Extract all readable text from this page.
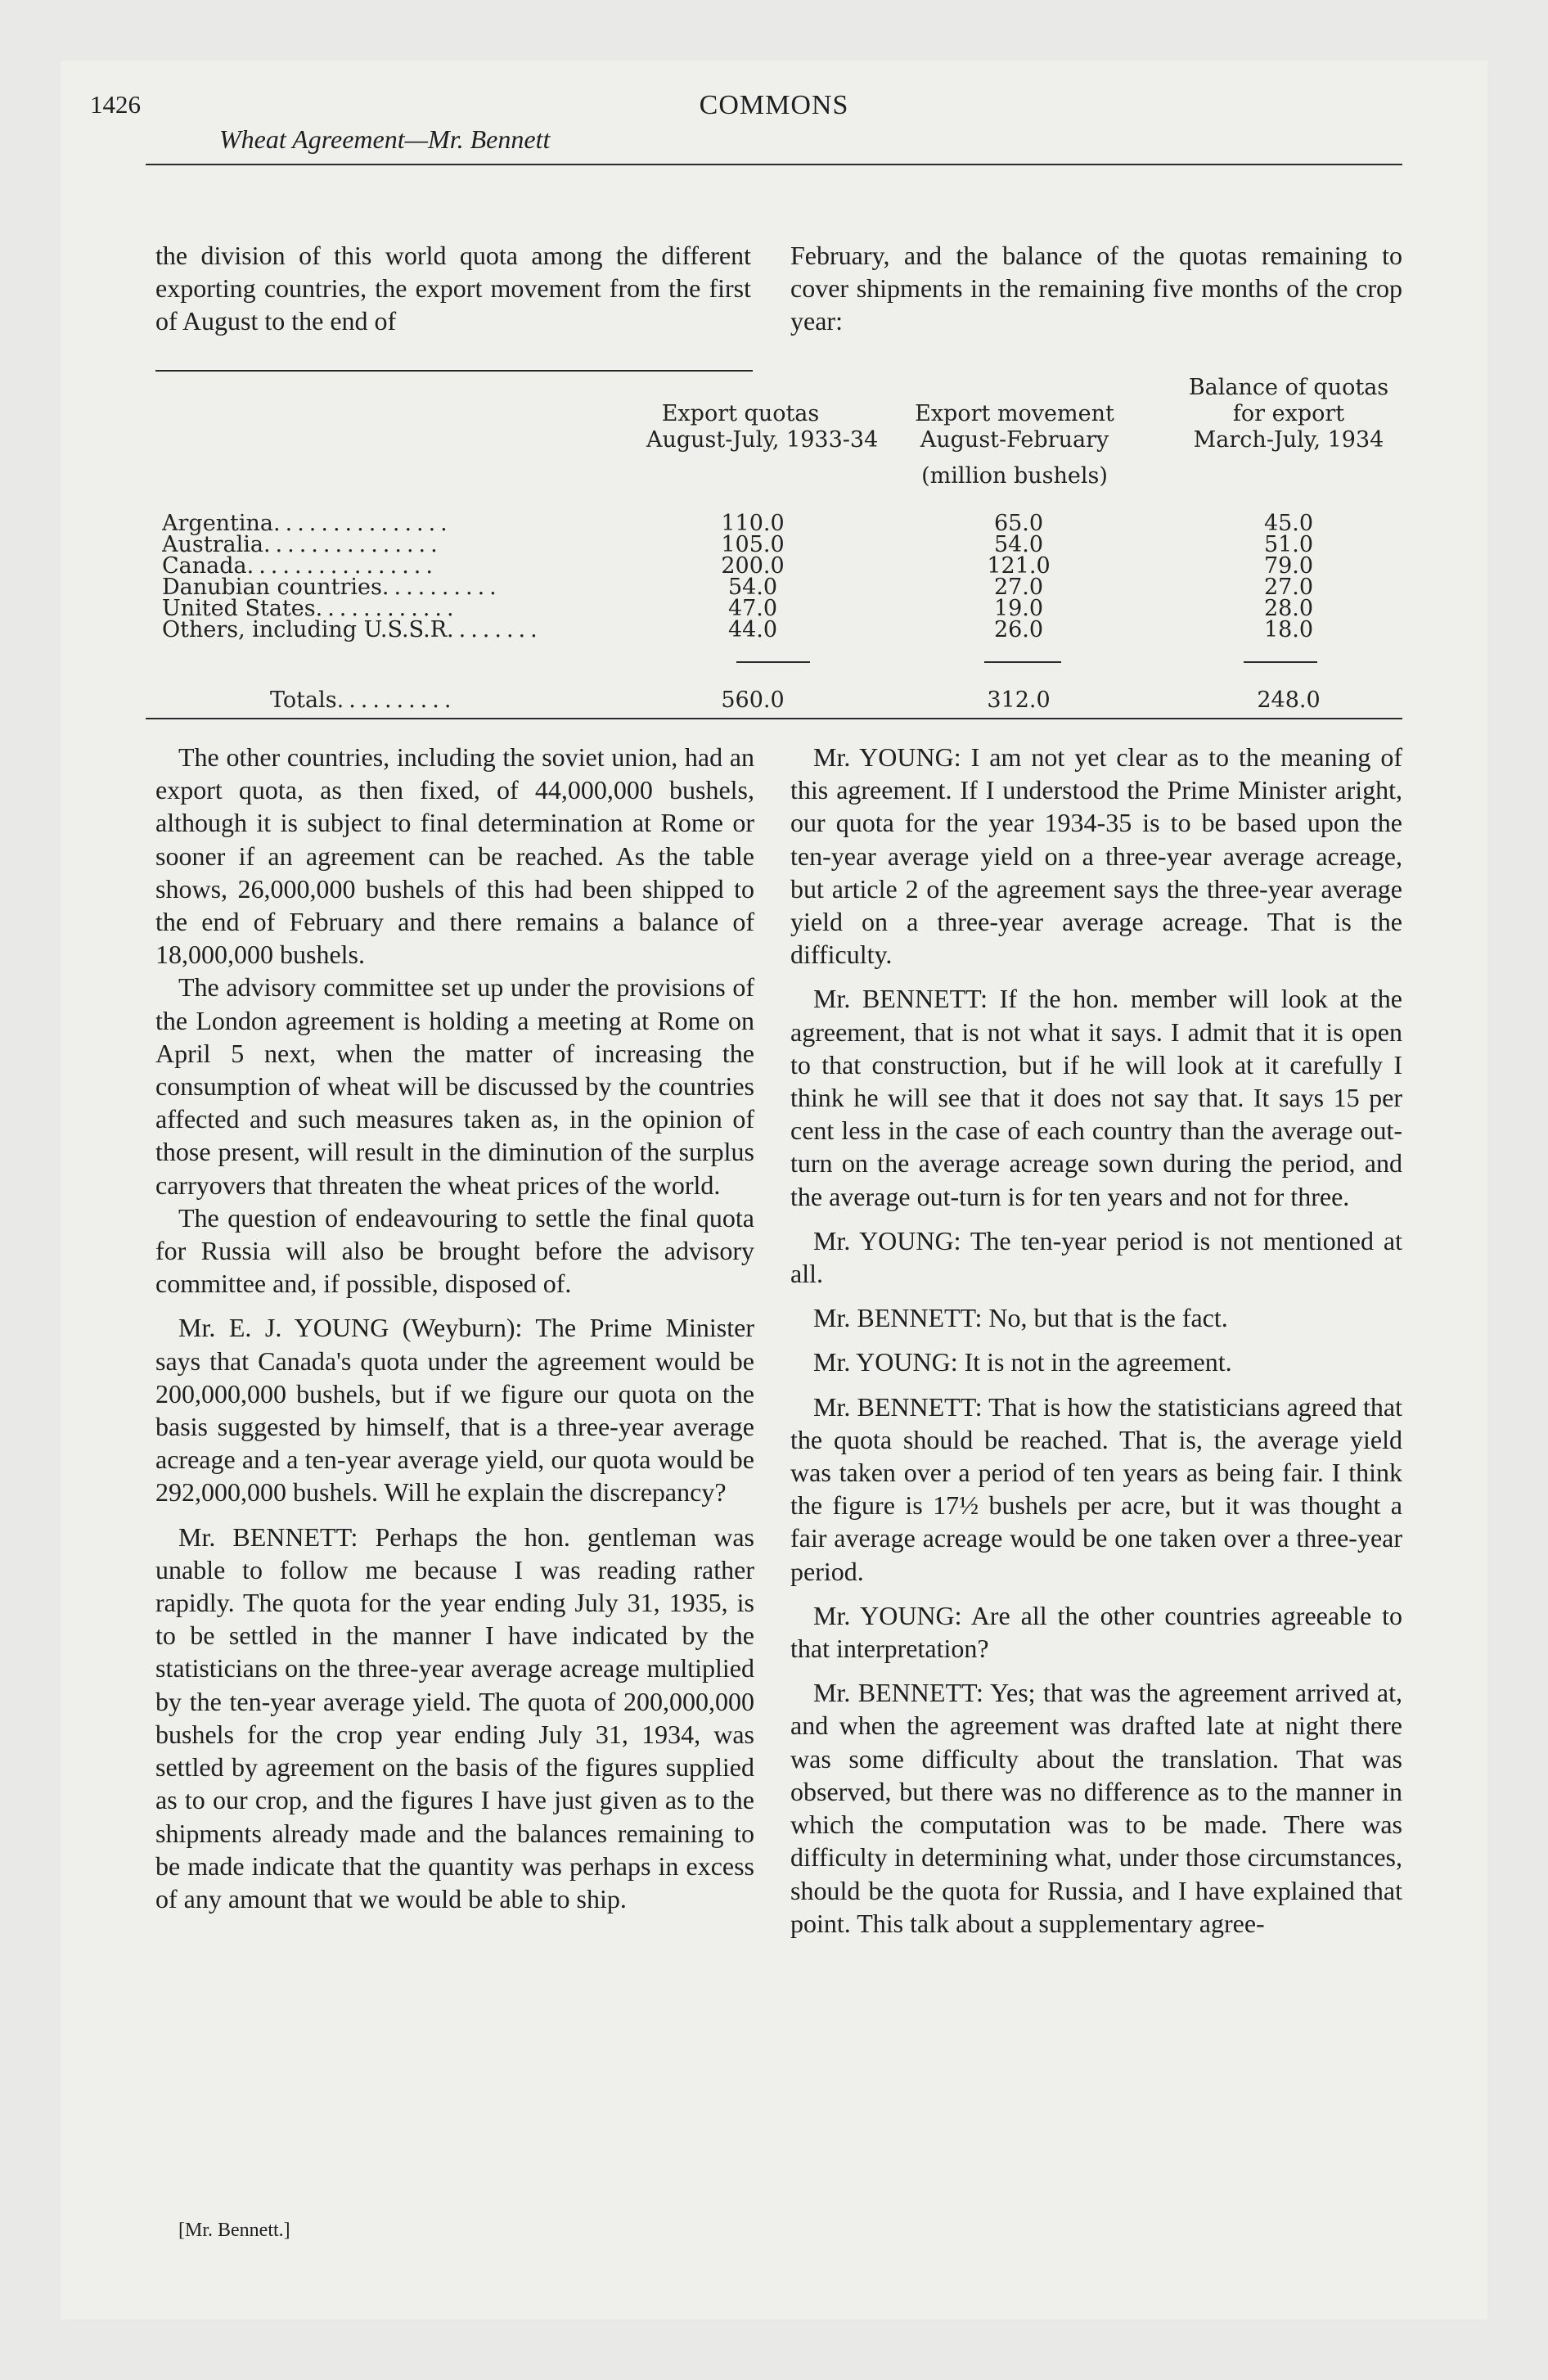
1426	COMMONS
Wheat Agreement—Mr. Bennett

the division of this world quota among the different exporting countries, the export movement from the first of August to the end of

February, and the balance of the quotas remaining to cover shipments in the remaining five months of the crop year:

Export quotas
August-July, 1933-34
Export movement
August-February
Balance of quotas
for export
March-July, 1934
(million bushels)
Argentina...............	110.0	65.0	45.0
Australia...............	105.0	54.0	51.0
Canada................	200.0	121.0	79.0
Danubian countries..........	54.0	27.0	27.0
United States............	47.0	19.0	28.0
Others, including U.S.S.R........	44.0	26.0	18.0
Totals..........	560.0	312.0	248.0

The other countries, including the soviet union, had an export quota, as then fixed, of 44,000,000 bushels, although it is subject to final determination at Rome or sooner if an agreement can be reached. As the table shows, 26,000,000 bushels of this had been shipped to the end of February and there remains a balance of 18,000,000 bushels.

The advisory committee set up under the provisions of the London agreement is holding a meeting at Rome on April 5 next, when the matter of increasing the consumption of wheat will be discussed by the countries affected and such measures taken as, in the opinion of those present, will result in the diminution of the surplus carryovers that threaten the wheat prices of the world.

The question of endeavouring to settle the final quota for Russia will also be brought before the advisory committee and, if possible, disposed of.

Mr. E. J. YOUNG (Weyburn): The Prime Minister says that Canada's quota under the agreement would be 200,000,000 bushels, but if we figure our quota on the basis suggested by himself, that is a three-year average acreage and a ten-year average yield, our quota would be 292,000,000 bushels. Will he explain the discrepancy?

Mr. BENNETT: Perhaps the hon. gentleman was unable to follow me because I was reading rather rapidly. The quota for the year ending July 31, 1935, is to be settled in the manner I have indicated by the statisticians on the three-year average acreage multiplied by the ten-year average yield. The quota of 200,000,000 bushels for the crop year ending July 31, 1934, was settled by agreement on the basis of the figures supplied as to our crop, and the figures I have just given as to the shipments already made and the balances remaining to be made indicate that the quantity was perhaps in excess of any amount that we would be able to ship.

Mr. YOUNG: I am not yet clear as to the meaning of this agreement. If I understood the Prime Minister aright, our quota for the year 1934-35 is to be based upon the ten-year average yield on a three-year average acreage, but article 2 of the agreement says the three-year average yield on a three-year average acreage. That is the difficulty.

Mr. BENNETT: If the hon. member will look at the agreement, that is not what it says. I admit that it is open to that construction, but if he will look at it carefully I think he will see that it does not say that. It says 15 per cent less in the case of each country than the average out-turn on the average acreage sown during the period, and the average out-turn is for ten years and not for three.

Mr. YOUNG: The ten-year period is not mentioned at all.

Mr. BENNETT: No, but that is the fact.

Mr. YOUNG: It is not in the agreement.

Mr. BENNETT: That is how the statisticians agreed that the quota should be reached. That is, the average yield was taken over a period of ten years as being fair. I think the figure is 17½ bushels per acre, but it was thought a fair average acreage would be one taken over a three-year period.

Mr. YOUNG: Are all the other countries agreeable to that interpretation?

Mr. BENNETT: Yes; that was the agreement arrived at, and when the agreement was drafted late at night there was some difficulty about the translation. That was observed, but there was no difference as to the manner in which the computation was to be made. There was difficulty in determining what, under those circumstances, should be the quota for Russia, and I have explained that point. This talk about a supplementary agree-

[Mr. Bennett.]
